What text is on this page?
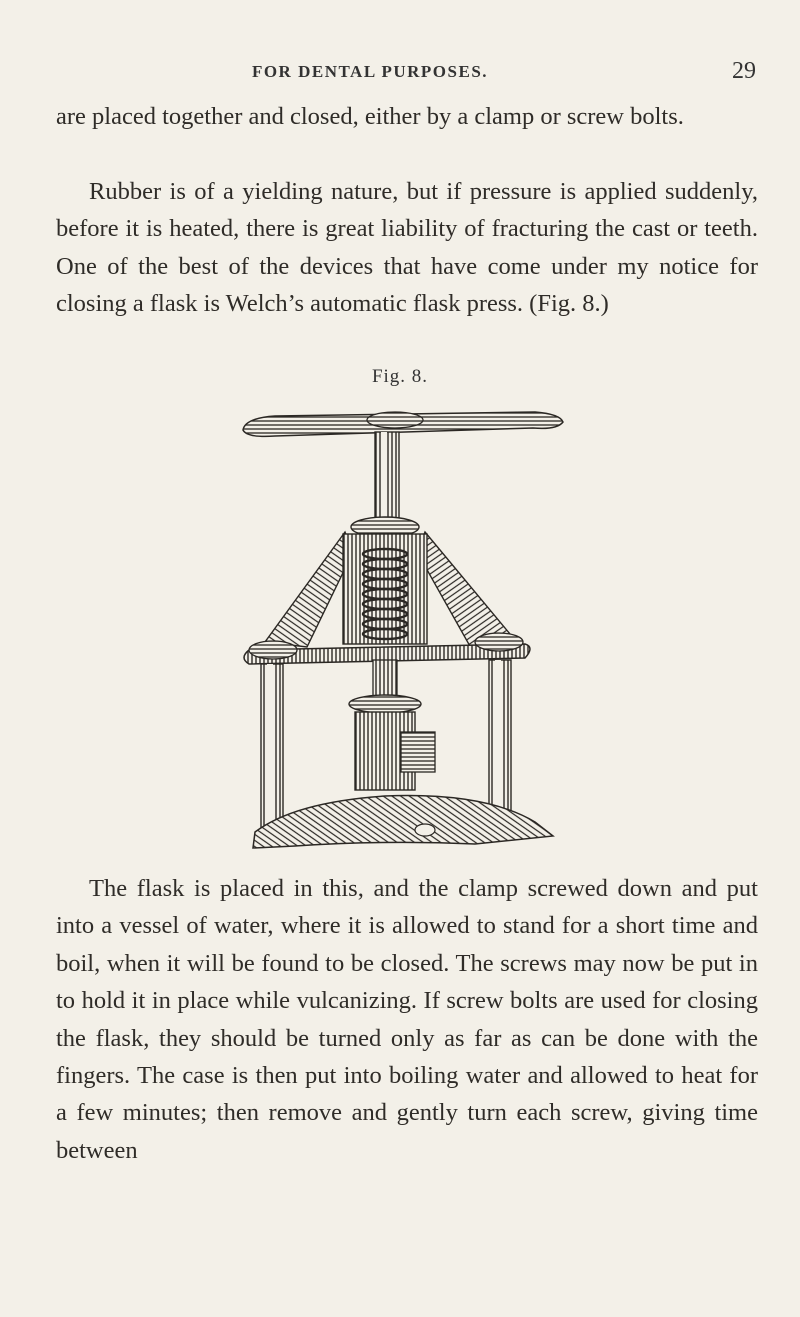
FOR DENTAL PURPOSES.	29

are placed together and closed, either by a clamp or screw bolts.

Rubber is of a yielding nature, but if pressure is applied suddenly, before it is heated, there is great liability of fracturing the cast or teeth. One of the best of the devices that have come under my notice for closing a flask is Welch’s automatic flask press. (Fig. 8.)

Fig. 8.

The flask is placed in this, and the clamp screwed down and put into a vessel of water, where it is allowed to stand for a short time and boil, when it will be found to be closed. The screws may now be put in to hold it in place while vulcanizing. If screw bolts are used for closing the flask, they should be turned only as far as can be done with the fingers. The case is then put into boiling water and allowed to heat for a few minutes; then remove and gently turn each screw, giving time between
